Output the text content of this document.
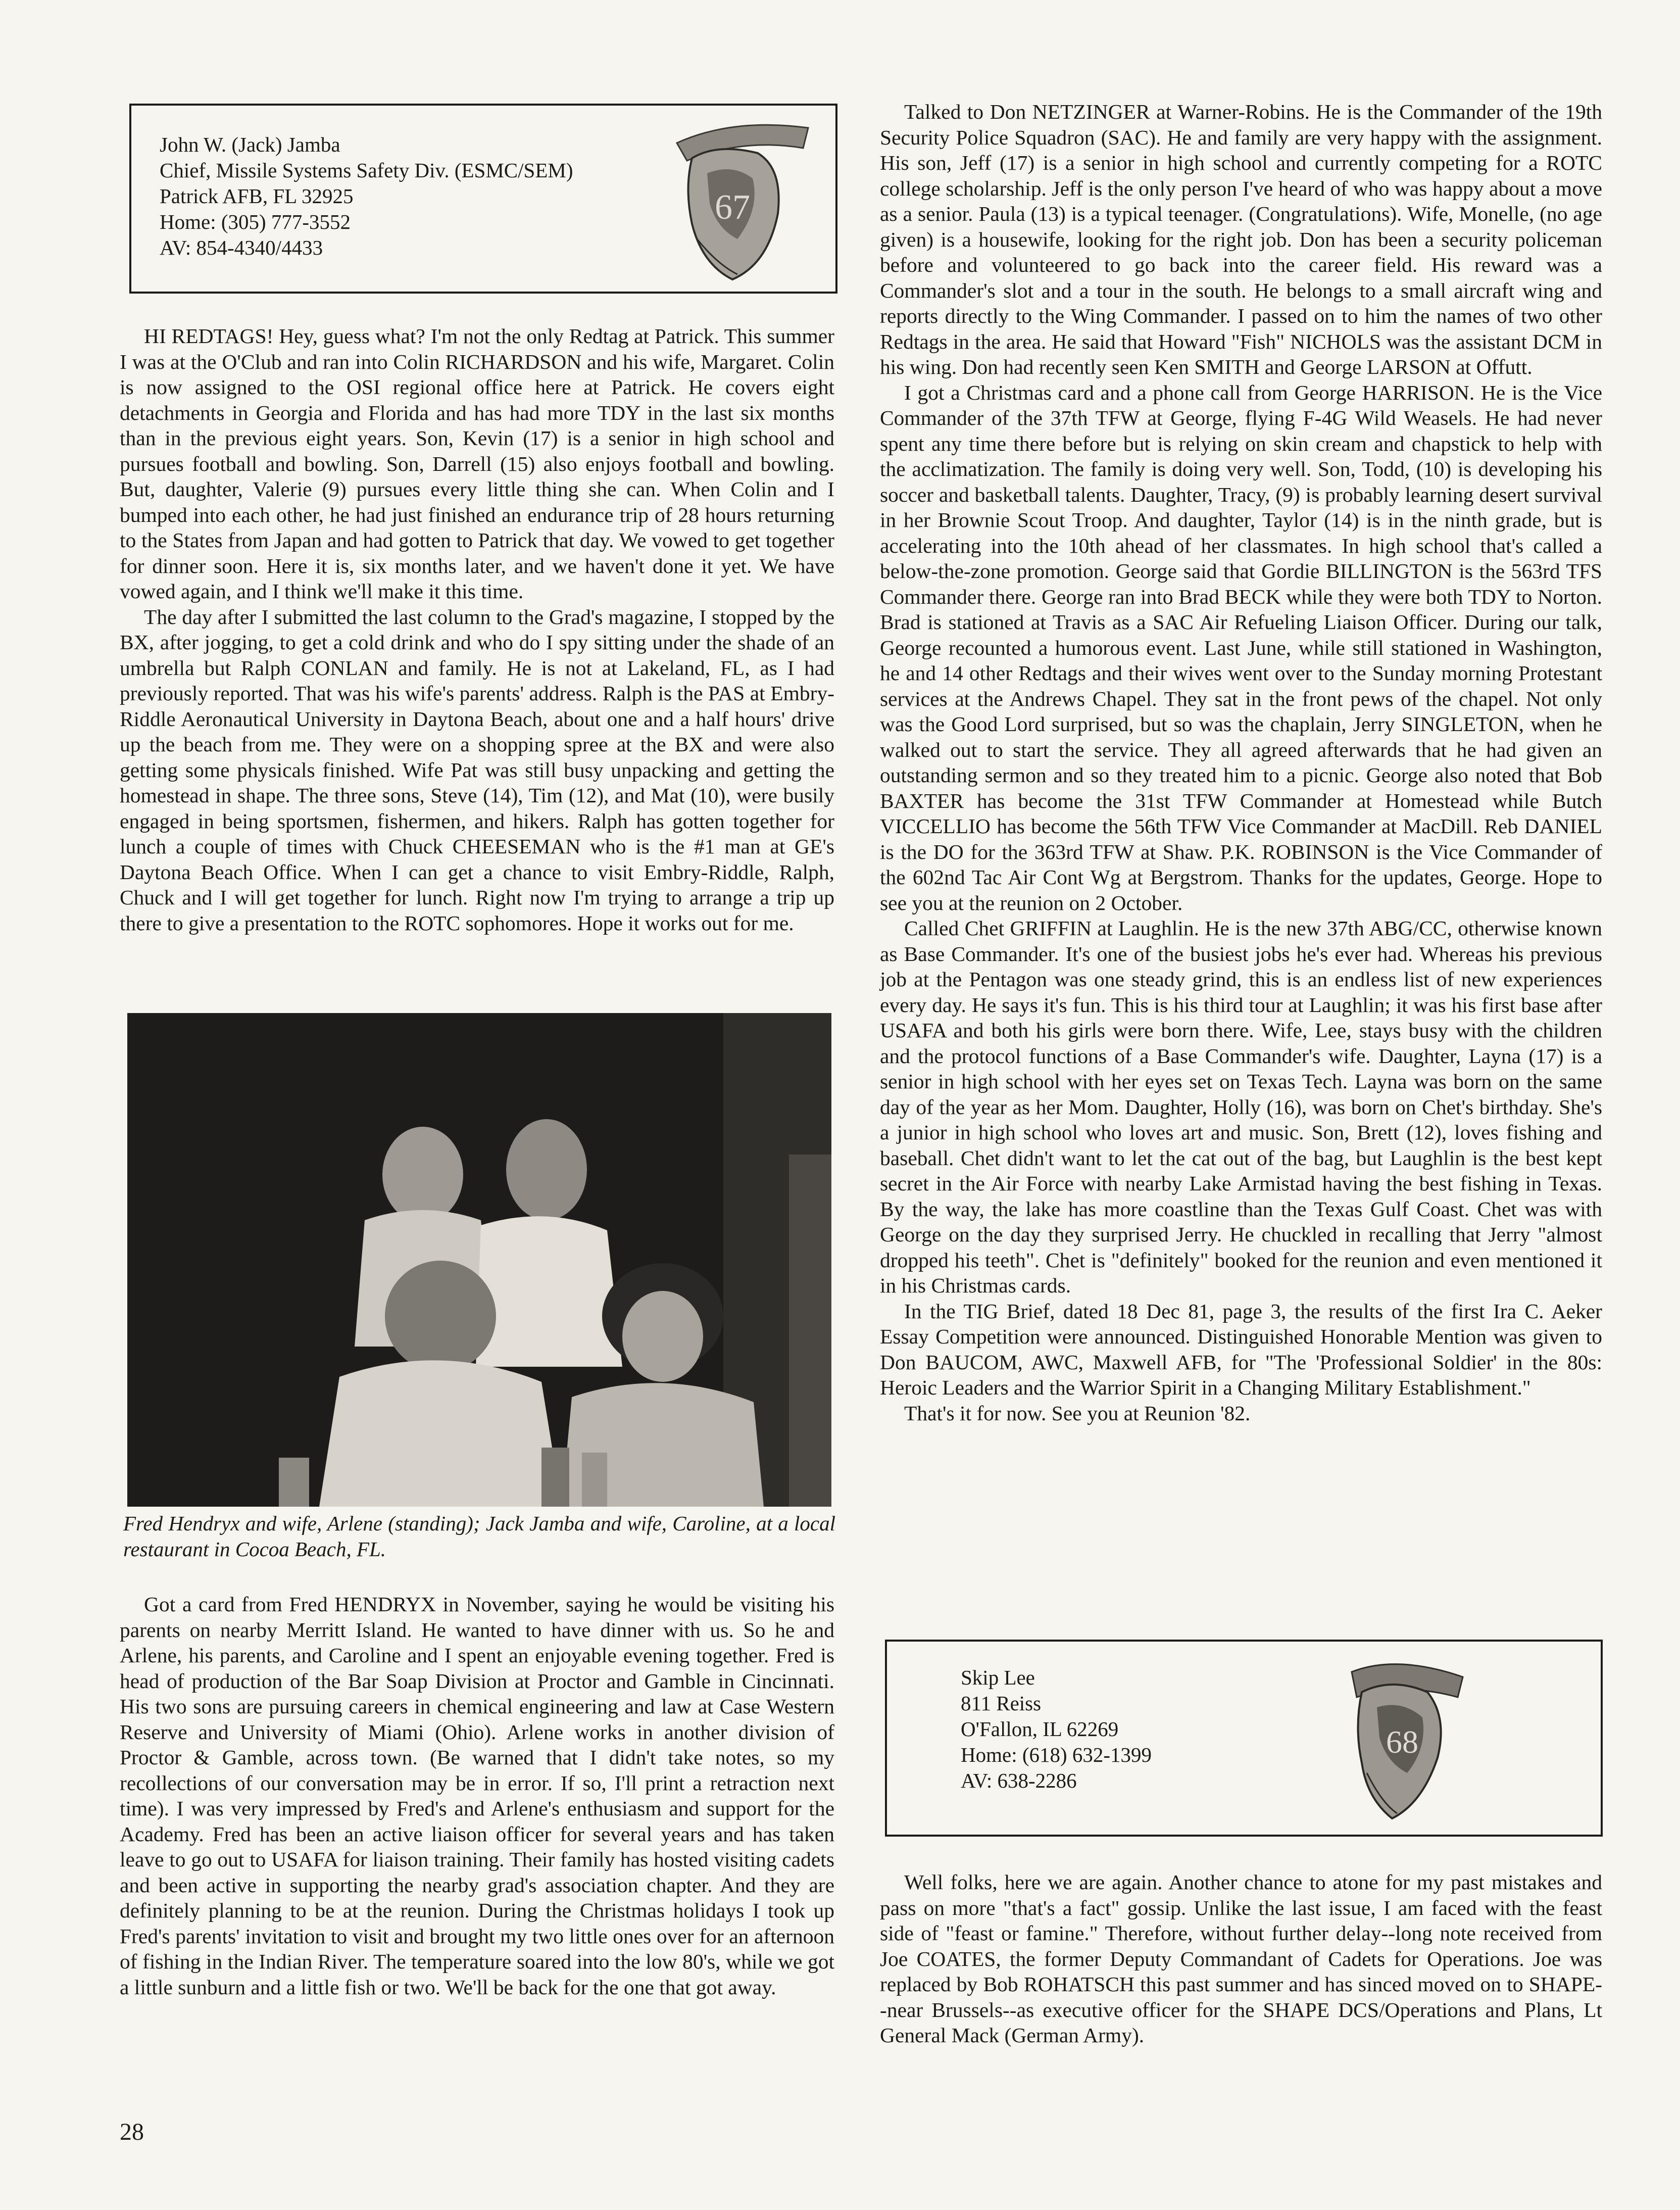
John W. (Jack) Jamba
Chief, Missile Systems Safety Div. (ESMC/SEM)
Patrick AFB, FL 32925
Home: (305) 777-3552
AV: 854-4340/4433
67

HI REDTAGS! Hey, guess what? I'm not the only Redtag at Patrick. This summer I was at the O'Club and ran into Colin RICHARDSON and his wife, Margaret. Colin is now assigned to the OSI regional office here at Patrick. He covers eight detachments in Georgia and Florida and has had more TDY in the last six months than in the previous eight years. Son, Kevin (17) is a senior in high school and pursues football and bowling. Son, Darrell (15) also enjoys football and bowling. But, daughter, Valerie (9) pursues every little thing she can. When Colin and I bumped into each other, he had just finished an endurance trip of 28 hours returning to the States from Japan and had gotten to Patrick that day. We vowed to get together for dinner soon. Here it is, six months later, and we haven't done it yet. We have vowed again, and I think we'll make it this time.

The day after I submitted the last column to the Grad's magazine, I stopped by the BX, after jogging, to get a cold drink and who do I spy sitting under the shade of an umbrella but Ralph CONLAN and family. He is not at Lakeland, FL, as I had previously reported. That was his wife's parents' address. Ralph is the PAS at Embry-Riddle Aeronautical University in Daytona Beach, about one and a half hours' drive up the beach from me. They were on a shopping spree at the BX and were also getting some physicals finished. Wife Pat was still busy unpacking and getting the homestead in shape. The three sons, Steve (14), Tim (12), and Mat (10), were busily engaged in being sportsmen, fishermen, and hikers. Ralph has gotten together for lunch a couple of times with Chuck CHEESEMAN who is the #1 man at GE's Daytona Beach Office. When I can get a chance to visit Embry-Riddle, Ralph, Chuck and I will get together for lunch. Right now I'm trying to arrange a trip up there to give a presentation to the ROTC sophomores. Hope it works out for me.

Fred Hendryx and wife, Arlene (standing); Jack Jamba and wife, Caroline, at a local restaurant in Cocoa Beach, FL.

Got a card from Fred HENDRYX in November, saying he would be visiting his parents on nearby Merritt Island. He wanted to have dinner with us. So he and Arlene, his parents, and Caroline and I spent an enjoyable evening together. Fred is head of production of the Bar Soap Division at Proctor and Gamble in Cincinnati. His two sons are pursuing careers in chemical engineering and law at Case Western Reserve and University of Miami (Ohio). Arlene works in another division of Proctor & Gamble, across town. (Be warned that I didn't take notes, so my recollections of our conversation may be in error. If so, I'll print a retraction next time). I was very impressed by Fred's and Arlene's enthusiasm and support for the Academy. Fred has been an active liaison officer for several years and has taken leave to go out to USAFA for liaison training. Their family has hosted visiting cadets and been active in supporting the nearby grad's association chapter. And they are definitely planning to be at the reunion. During the Christmas holidays I took up Fred's parents' invitation to visit and brought my two little ones over for an afternoon of fishing in the Indian River. The temperature soared into the low 80's, while we got a little sunburn and a little fish or two. We'll be back for the one that got away.

Talked to Don NETZINGER at Warner-Robins. He is the Commander of the 19th Security Police Squadron (SAC). He and family are very happy with the assignment. His son, Jeff (17) is a senior in high school and currently competing for a ROTC college scholarship. Jeff is the only person I've heard of who was happy about a move as a senior. Paula (13) is a typical teenager. (Congratulations). Wife, Monelle, (no age given) is a housewife, looking for the right job. Don has been a security policeman before and volunteered to go back into the career field. His reward was a Commander's slot and a tour in the south. He belongs to a small aircraft wing and reports directly to the Wing Commander. I passed on to him the names of two other Redtags in the area. He said that Howard "Fish" NICHOLS was the assistant DCM in his wing. Don had recently seen Ken SMITH and George LARSON at Offutt.

I got a Christmas card and a phone call from George HARRISON. He is the Vice Commander of the 37th TFW at George, flying F-4G Wild Weasels. He had never spent any time there before but is relying on skin cream and chapstick to help with the acclimatization. The family is doing very well. Son, Todd, (10) is developing his soccer and basketball talents. Daughter, Tracy, (9) is probably learning desert survival in her Brownie Scout Troop. And daughter, Taylor (14) is in the ninth grade, but is accelerating into the 10th ahead of her classmates. In high school that's called a below-the-zone promotion. George said that Gordie BILLINGTON is the 563rd TFS Commander there. George ran into Brad BECK while they were both TDY to Norton. Brad is stationed at Travis as a SAC Air Refueling Liaison Officer. During our talk, George recounted a humorous event. Last June, while still stationed in Washington, he and 14 other Redtags and their wives went over to the Sunday morning Protestant services at the Andrews Chapel. They sat in the front pews of the chapel. Not only was the Good Lord surprised, but so was the chaplain, Jerry SINGLETON, when he walked out to start the service. They all agreed afterwards that he had given an outstanding sermon and so they treated him to a picnic. George also noted that Bob BAXTER has become the 31st TFW Commander at Homestead while Butch VICCELLIO has become the 56th TFW Vice Commander at MacDill. Reb DANIEL is the DO for the 363rd TFW at Shaw. P.K. ROBINSON is the Vice Commander of the 602nd Tac Air Cont Wg at Bergstrom. Thanks for the updates, George. Hope to see you at the reunion on 2 October.

Called Chet GRIFFIN at Laughlin. He is the new 37th ABG/CC, otherwise known as Base Commander. It's one of the busiest jobs he's ever had. Whereas his previous job at the Pentagon was one steady grind, this is an endless list of new experiences every day. He says it's fun. This is his third tour at Laughlin; it was his first base after USAFA and both his girls were born there. Wife, Lee, stays busy with the children and the protocol functions of a Base Commander's wife. Daughter, Layna (17) is a senior in high school with her eyes set on Texas Tech. Layna was born on the same day of the year as her Mom. Daughter, Holly (16), was born on Chet's birthday. She's a junior in high school who loves art and music. Son, Brett (12), loves fishing and baseball. Chet didn't want to let the cat out of the bag, but Laughlin is the best kept secret in the Air Force with nearby Lake Armistad having the best fishing in Texas. By the way, the lake has more coastline than the Texas Gulf Coast. Chet was with George on the day they surprised Jerry. He chuckled in recalling that Jerry "almost dropped his teeth". Chet is "definitely" booked for the reunion and even mentioned it in his Christmas cards.

In the TIG Brief, dated 18 Dec 81, page 3, the results of the first Ira C. Aeker Essay Competition were announced. Distinguished Honorable Mention was given to Don BAUCOM, AWC, Maxwell AFB, for "The 'Professional Soldier' in the 80s: Heroic Leaders and the Warrior Spirit in a Changing Military Establishment."

That's it for now. See you at Reunion '82.

Skip Lee
811 Reiss
O'Fallon, IL 62269
Home: (618) 632-1399
AV: 638-2286
68

Well folks, here we are again. Another chance to atone for my past mistakes and pass on more "that's a fact" gossip. Unlike the last issue, I am faced with the feast side of "feast or famine." Therefore, without further delay--long note received from Joe COATES, the former Deputy Commandant of Cadets for Operations. Joe was replaced by Bob ROHATSCH this past summer and has sinced moved on to SHAPE--near Brussels--as executive officer for the SHAPE DCS/Operations and Plans, Lt General Mack (German Army).

28
